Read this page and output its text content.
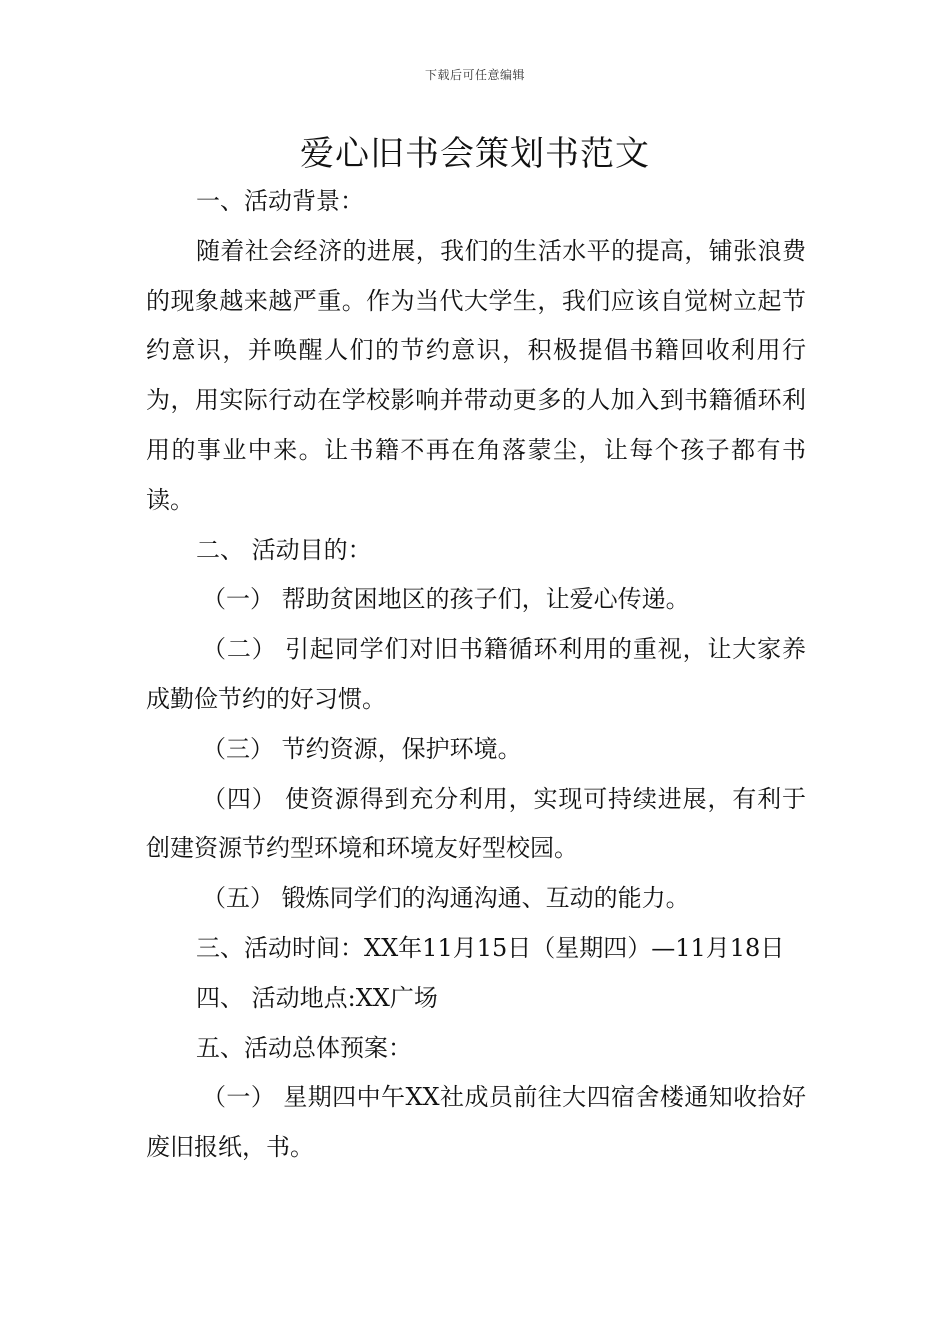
下载后可任意编辑
爱心旧书会策划书范文

一、活动背景：

随着社会经济的进展，我们的生活水平的提高，铺张浪费的现象越来越严重。作为当代大学生，我们应该自觉树立起节约意识，并唤醒人们的节约意识，积极提倡书籍回收利用行为，用实际行动在学校影响并带动更多的人加入到书籍循环利用的事业中来。让书籍不再在角落蒙尘，让每个孩子都有书读。

二、 活动目的：

（一） 帮助贫困地区的孩子们，让爱心传递。

（二） 引起同学们对旧书籍循环利用的重视，让大家养成勤俭节约的好习惯。

（三） 节约资源，保护环境。

（四） 使资源得到充分利用，实现可持续进展，有利于创建资源节约型环境和环境友好型校园。

（五） 锻炼同学们的沟通沟通、互动的能力。

三、活动时间：XX年11月15日（星期四）—11月18日

四、 活动地点:XX广场

五、活动总体预案：

（一） 星期四中午XX社成员前往大四宿舍楼通知收拾好废旧报纸，书。
